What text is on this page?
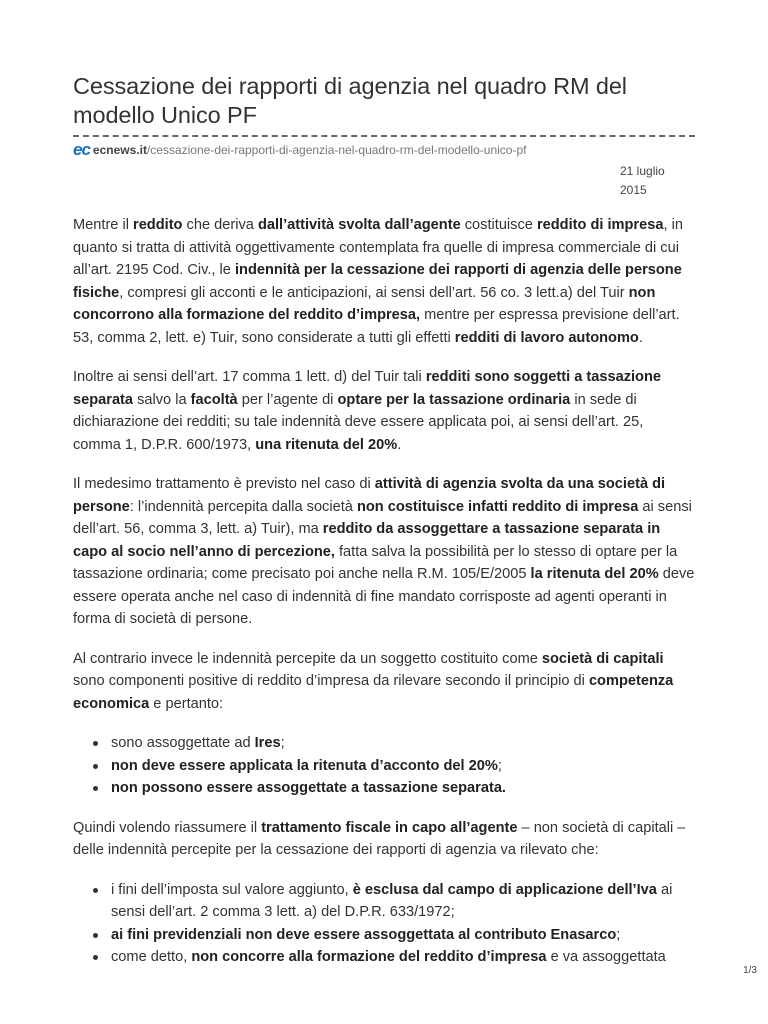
Cessazione dei rapporti di agenzia nel quadro RM del modello Unico PF
ec ecnews.it/cessazione-dei-rapporti-di-agenzia-nel-quadro-rm-del-modello-unico-pf
21 luglio
2015

Mentre il reddito che deriva dall’attività svolta dall’agente costituisce reddito di impresa, in quanto si tratta di attività oggettivamente contemplata fra quelle di impresa commerciale di cui all’art. 2195 Cod. Civ., le indennità per la cessazione dei rapporti di agenzia delle persone fisiche, compresi gli acconti e le anticipazioni, ai sensi dell’art. 56 co. 3 lett.a) del Tuir non concorrono alla formazione del reddito d’impresa, mentre per espressa previsione dell’art. 53, comma 2, lett. e) Tuir, sono considerate a tutti gli effetti redditi di lavoro autonomo.

Inoltre ai sensi dell’art. 17 comma 1 lett. d) del Tuir tali redditi sono soggetti a tassazione separata salvo la facoltà per l’agente di optare per la tassazione ordinaria in sede di dichiarazione dei redditi; su tale indennità deve essere applicata poi, ai sensi dell’art. 25, comma 1, D.P.R. 600/1973, una ritenuta del 20%.

Il medesimo trattamento è previsto nel caso di attività di agenzia svolta da una società di persone: l’indennità percepita dalla società non costituisce infatti reddito di impresa ai sensi dell’art. 56, comma 3, lett. a) Tuir), ma reddito da assoggettare a tassazione separata in capo al socio nell’anno di percezione, fatta salva la possibilità per lo stesso di optare per la tassazione ordinaria; come precisato poi anche nella R.M. 105/E/2005 la ritenuta del 20% deve essere operata anche nel caso di indennità di fine mandato corrisposte ad agenti operanti in forma di società di persone.

Al contrario invece le indennità percepite da un soggetto costituito come società di capitali sono componenti positive di reddito d’impresa da rilevare secondo il principio di competenza economica e pertanto:

sono assoggettate ad Ires;
non deve essere applicata la ritenuta d’acconto del 20%;
non possono essere assoggettate a tassazione separata.

Quindi volendo riassumere il trattamento fiscale in capo all’agente – non società di capitali – delle indennità percepite per la cessazione dei rapporti di agenzia va rilevato che:

i fini dell’imposta sul valore aggiunto, è esclusa dal campo di applicazione dell’Iva ai sensi dell’art. 2 comma 3 lett. a) del D.P.R. 633/1972;
ai fini previdenziali non deve essere assoggettata al contributo Enasarco;
come detto, non concorre alla formazione del reddito d’impresa e va assoggettata
1/3
